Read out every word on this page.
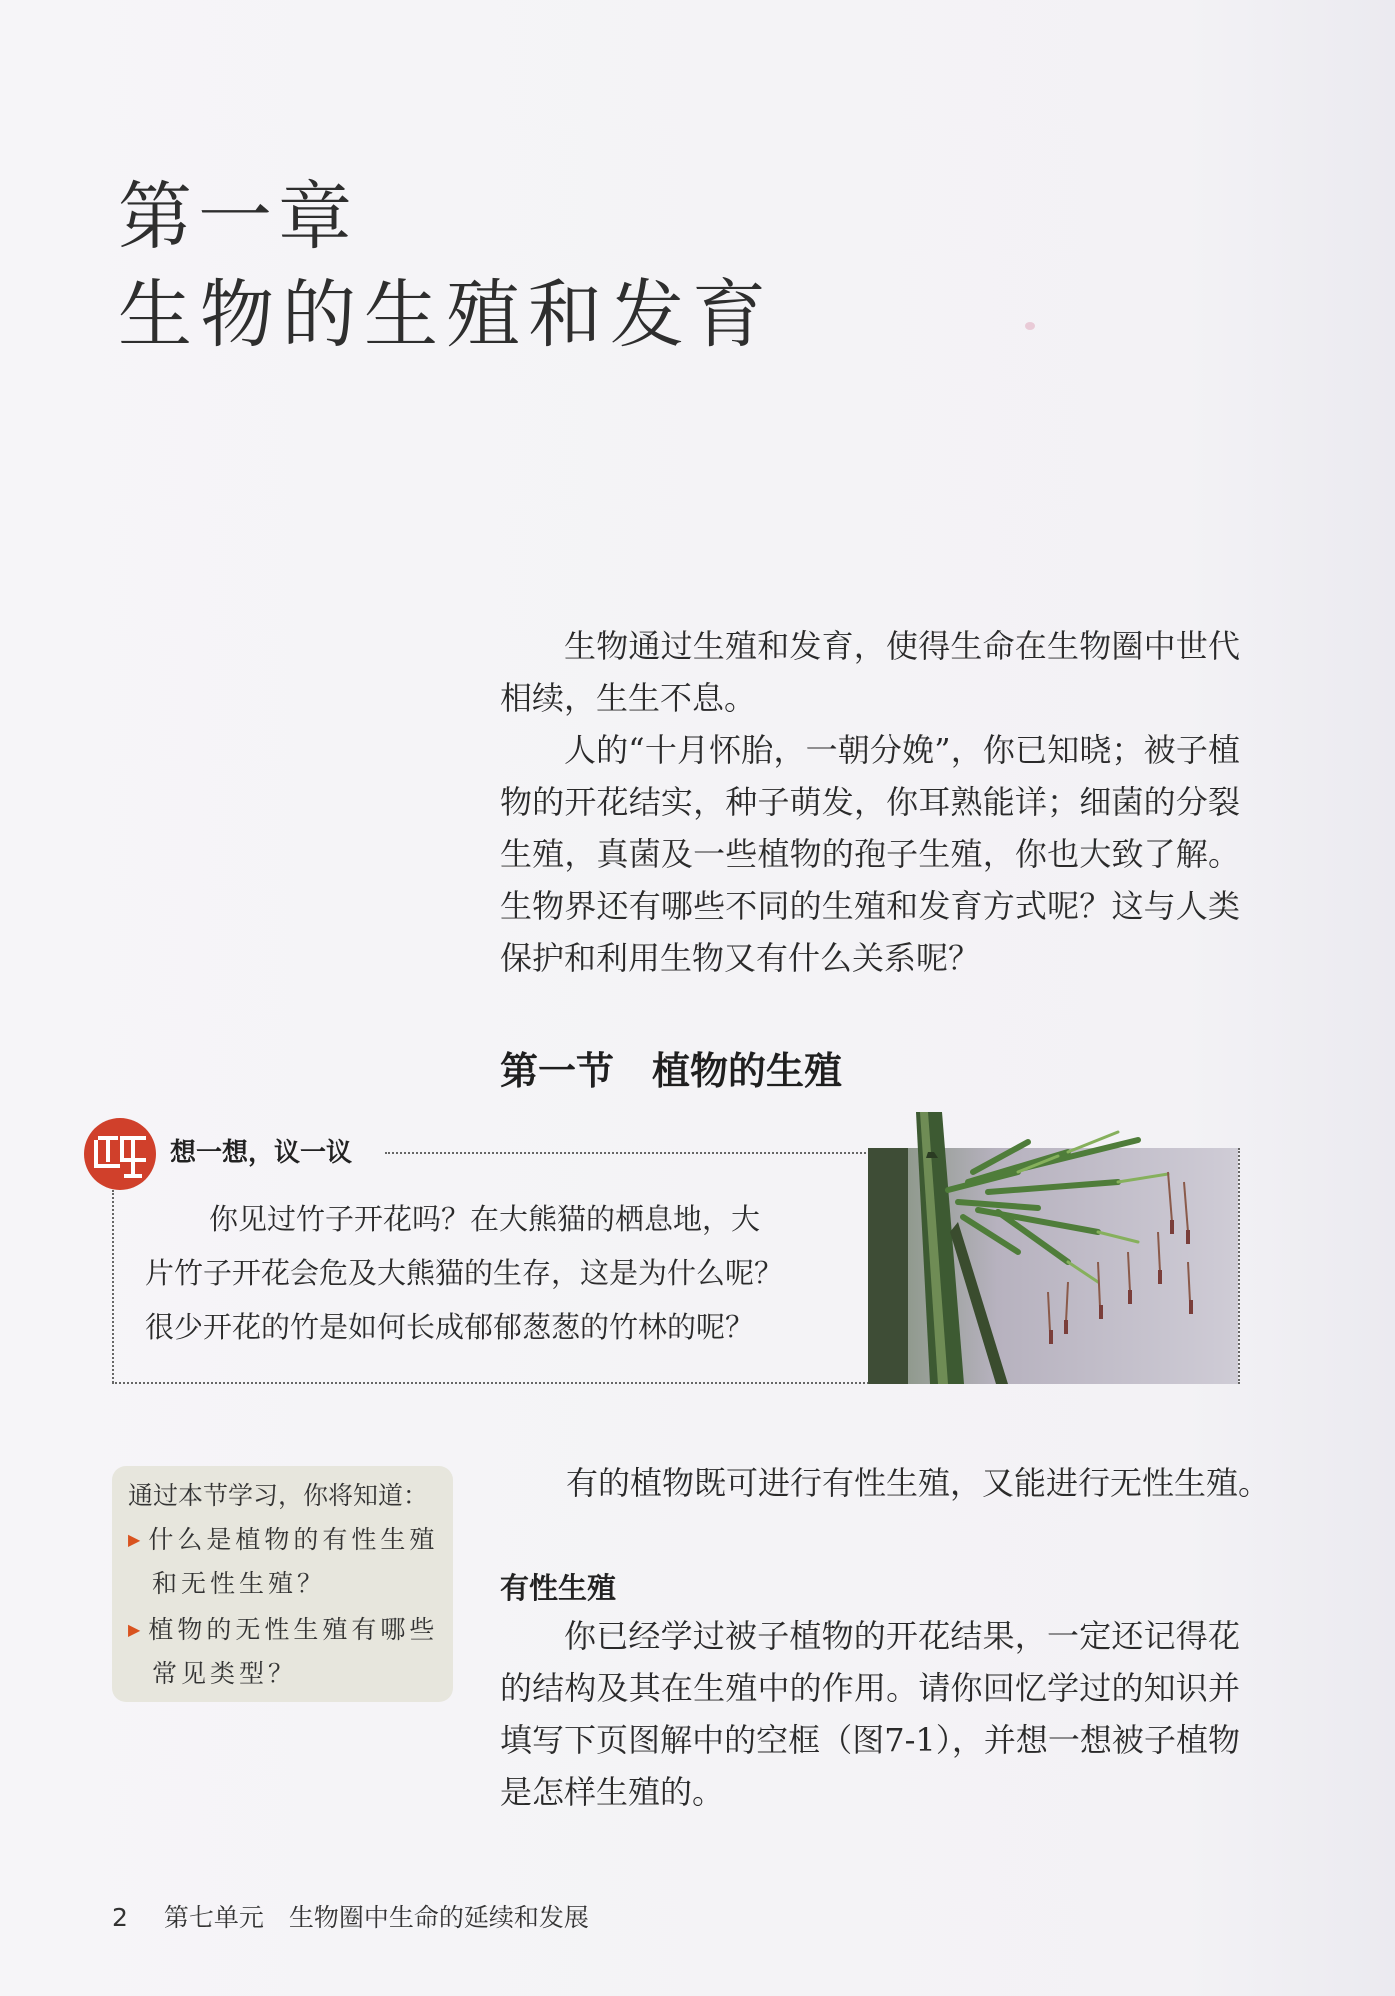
第一章
生物的生殖和发育

生物通过生殖和发育，使得生命在生物圈中世代相续，生生不息。

人的“十月怀胎，一朝分娩”，你已知晓；被子植物的开花结实，种子萌发，你耳熟能详；细菌的分裂生殖，真菌及一些植物的孢子生殖，你也大致了解。生物界还有哪些不同的生殖和发育方式呢？这与人类保护和利用生物又有什么关系呢？

第一节　植物的生殖
想一想，议一议

你见过竹子开花吗？在大熊猫的栖息地，大

片竹子开花会危及大熊猫的生存，这是为什么呢？

很少开花的竹是如何长成郁郁葱葱的竹林的呢？

通过本节学习，你将知道：
▶ 什么是植物的有性生殖
和无性生殖？
▶ 植物的无性生殖有哪些
常见类型？
有的植物既可进行有性生殖，又能进行无性生殖。
有性生殖

你已经学过被子植物的开花结果，一定还记得花的结构及其在生殖中的作用。请你回忆学过的知识并填写下页图解中的空框（图7-1），并想一想被子植物是怎样生殖的。

2 第七单元　生物圈中生命的延续和发展
